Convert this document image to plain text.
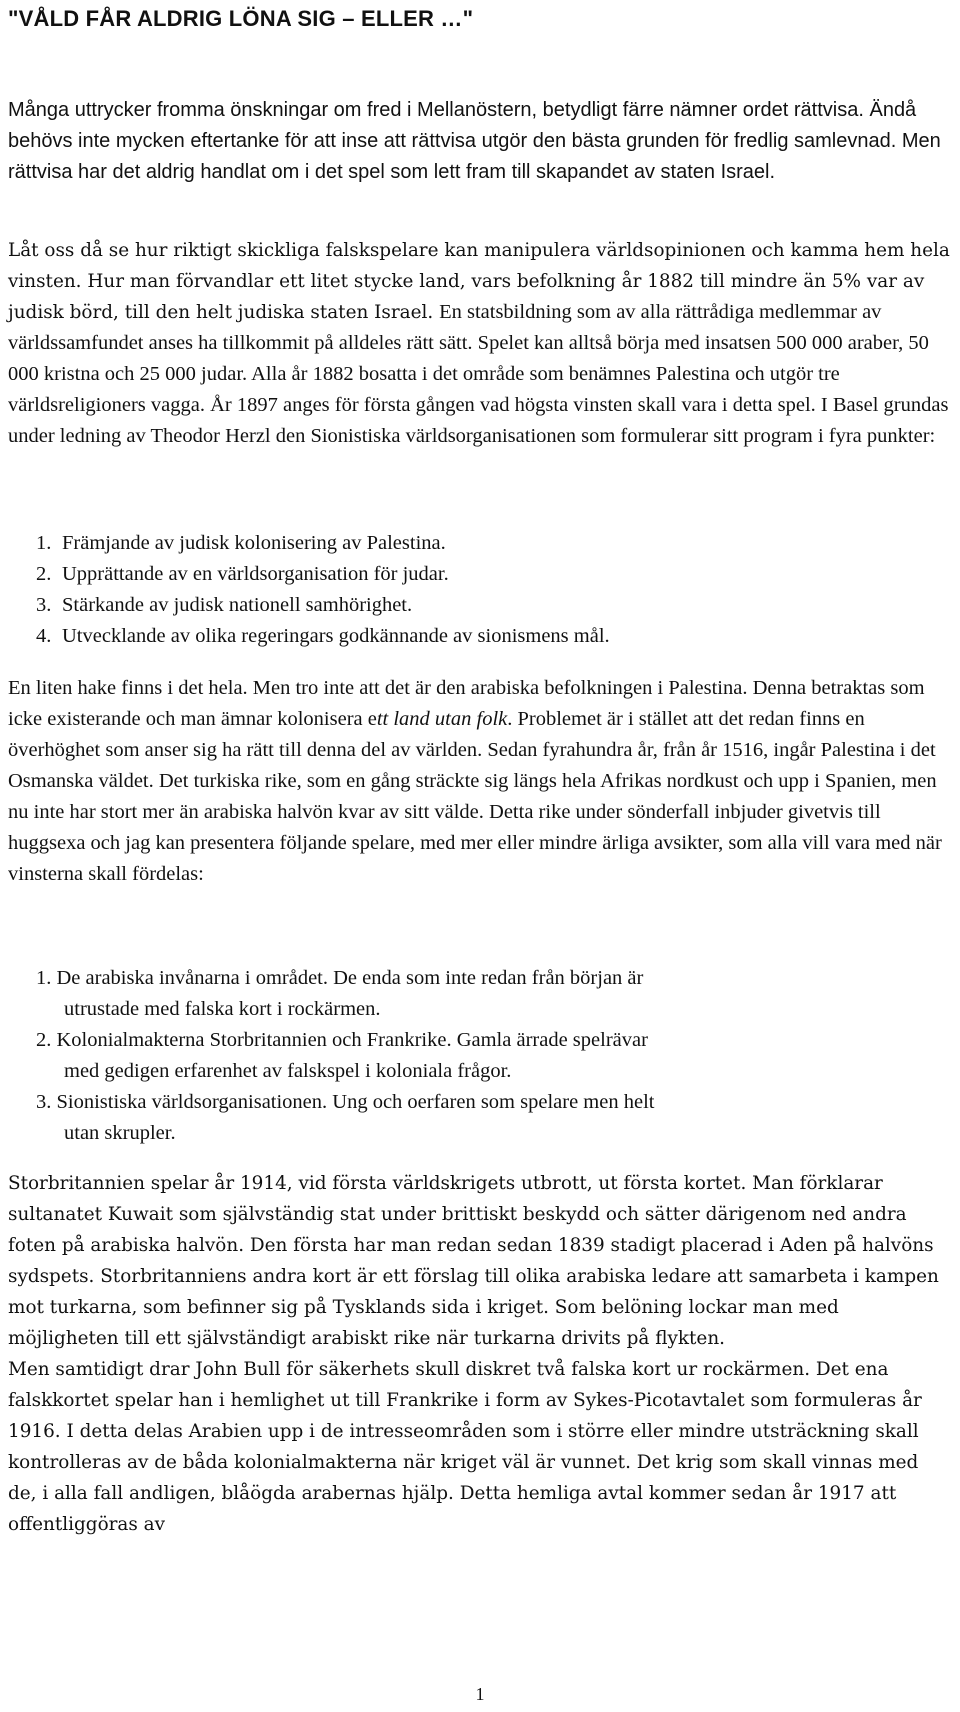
"VÅLD FÅR ALDRIG LÖNA SIG – ELLER …"

Många uttrycker fromma önskningar om fred i Mellanöstern, betydligt färre nämner ordet rättvisa. Ändå behövs inte mycken eftertanke för att inse att rättvisa utgör den bästa grunden för fredlig samlevnad. Men rättvisa har det aldrig handlat om i det spel som lett fram till skapandet av staten Israel.

Låt oss då se hur riktigt skickliga falskspelare kan manipulera världsopinionen och kamma hem hela vinsten. Hur man förvandlar ett litet stycke land, vars befolkning år 1882 till mindre än 5% var av judisk börd, till den helt judiska staten Israel. En statsbildning som av alla rättrådiga medlemmar av världssamfundet anses ha tillkommit på alldeles rätt sätt. Spelet kan alltså börja med insatsen 500 000 araber, 50 000 kristna och 25 000 judar. Alla år 1882 bosatta i det område som benämnes Palestina och utgör tre världsreligioners vagga. År 1897 anges för första gången vad högsta vinsten skall vara i detta spel. I Basel grundas under ledning av Theodor Herzl den Sionistiska världsorganisationen som formulerar sitt program i fyra punkter:

1. Främjande av judisk kolonisering av Palestina.
2. Upprättande av en världsorganisation för judar.
3. Stärkande av judisk nationell samhörighet.
4. Utvecklande av olika regeringars godkännande av sionismens mål.

En liten hake finns i det hela. Men tro inte att det är den arabiska befolkningen i Palestina. Denna betraktas som icke existerande och man ämnar kolonisera ett land utan folk. Problemet är i stället att det redan finns en överhöghet som anser sig ha rätt till denna del av världen. Sedan fyrahundra år, från år 1516, ingår Palestina i det Osmanska väldet. Det turkiska rike, som en gång sträckte sig längs hela Afrikas nordkust och upp i Spanien, men nu inte har stort mer än arabiska halvön kvar av sitt välde. Detta rike under sönderfall inbjuder givetvis till huggsexa och jag kan presentera följande spelare, med mer eller mindre ärliga avsikter, som alla vill vara med när vinsterna skall fördelas:

1. De arabiska invånarna i området. De enda som inte redan från början är
utrustade med falska kort i rockärmen.
2. Kolonialmakterna Storbritannien och Frankrike. Gamla ärrade spelrävar
med gedigen erfarenhet av falskspel i koloniala frågor.
3. Sionistiska världsorganisationen. Ung och oerfaren som spelare men helt
utan skrupler.
Storbritannien spelar år 1914, vid första världskrigets utbrott, ut första kortet. Man förklarar sultanatet Kuwait som självständig stat under brittiskt beskydd och sätter därigenom ned andra foten på arabiska halvön. Den första har man redan sedan 1839 stadigt placerad i Aden på halvöns sydspets. Storbritanniens andra kort är ett förslag till olika arabiska ledare att samarbeta i kampen mot turkarna, som befinner sig på Tysklands sida i kriget. Som belöning lockar man med möjligheten till ett självständigt arabiskt rike när turkarna drivits på flykten.
Men samtidigt drar John Bull för säkerhets skull diskret två falska kort ur rockärmen. Det ena falskkortet spelar han i hemlighet ut till Frankrike i form av Sykes-Picotavtalet som formuleras år 1916. I detta delas Arabien upp i de intresseområden som i större eller mindre utsträckning skall kontrolleras av de båda kolonialmakterna när kriget väl är vunnet. Det krig som skall vinnas med de, i alla fall andligen, blåögda arabernas hjälp. Detta hemliga avtal kommer sedan år 1917 att offentliggöras av
1
